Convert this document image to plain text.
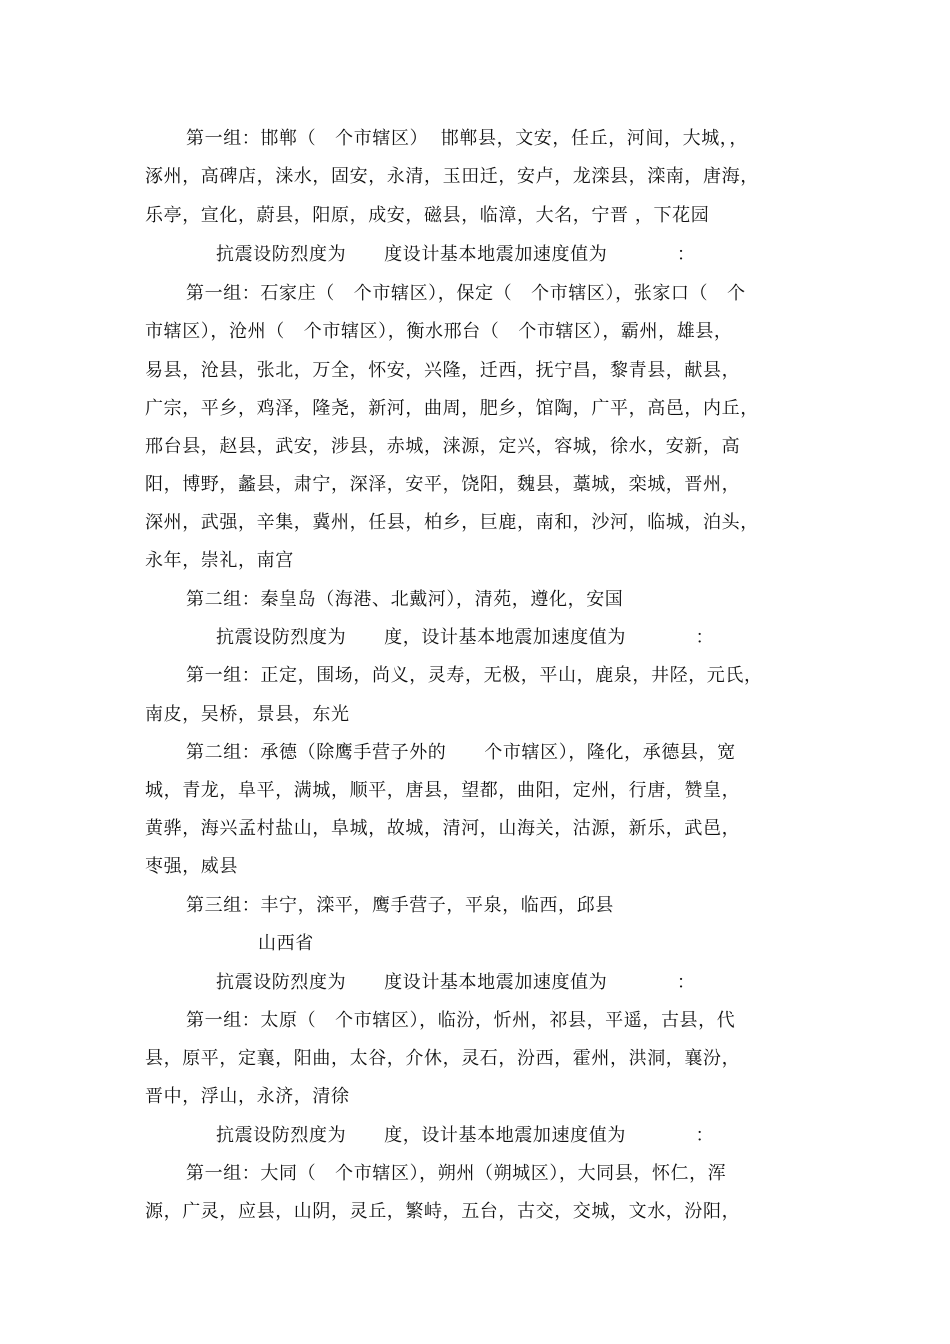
第一组：邯郸（   个市辖区）  邯郸县，文安，任丘，河间，大城，，
涿州，高碑店，涞水，固安，永清，玉田迁，安卢，龙滦县，滦南，唐海，
乐亭，宣化，蔚县，阳原，成安，磁县，临漳，大名，宁晋 ，下花园
抗震设防烈度为      度设计基本地震加速度值为           ：
第一组：石家庄（   个市辖区），保定（   个市辖区），张家口（   个
市辖区），沧州（   个市辖区），衡水邢台（   个市辖区），霸州，雄县，
易县，沧县，张北，万全，怀安，兴隆，迁西，抚宁昌，黎青县，献县，
广宗，平乡，鸡泽，隆尧，新河，曲周，肥乡，馆陶，广平，高邑，内丘，
邢台县，赵县，武安，涉县，赤城，涞源，定兴，容城，徐水，安新，高
阳，博野，蠡县，肃宁，深泽，安平，饶阳，魏县，藁城，栾城，晋州，
深州，武强，辛集，冀州，任县，柏乡，巨鹿，南和，沙河，临城，泊头，
永年，崇礼，南宫
第二组：秦皇岛（海港、北戴河），清苑，遵化，安国
抗震设防烈度为      度，设计基本地震加速度值为           ：
第一组：正定，围场，尚义，灵寿，无极，平山，鹿泉，井陉，元氏，
南皮，吴桥，景县，东光
第二组：承德（除鹰手营子外的      个市辖区），隆化，承德县，宽
城，青龙，阜平，满城，顺平，唐县，望都，曲阳，定州，行唐，赞皇，
黄骅，海兴孟村盐山，阜城，故城，清河，山海关，沽源，新乐，武邑，
枣强，威县
第三组：丰宁，滦平，鹰手营子，平泉，临西，邱县
山西省
抗震设防烈度为      度设计基本地震加速度值为           ：
第一组：太原（   个市辖区），临汾，忻州，祁县，平遥，古县，代
县，原平，定襄，阳曲，太谷，介休，灵石，汾西，霍州，洪洞，襄汾，
晋中，浮山，永济，清徐
抗震设防烈度为      度，设计基本地震加速度值为           ：
第一组：大同（   个市辖区），朔州（朔城区），大同县，怀仁，浑
源，广灵，应县，山阴，灵丘，繁峙，五台，古交，交城，文水，汾阳，
